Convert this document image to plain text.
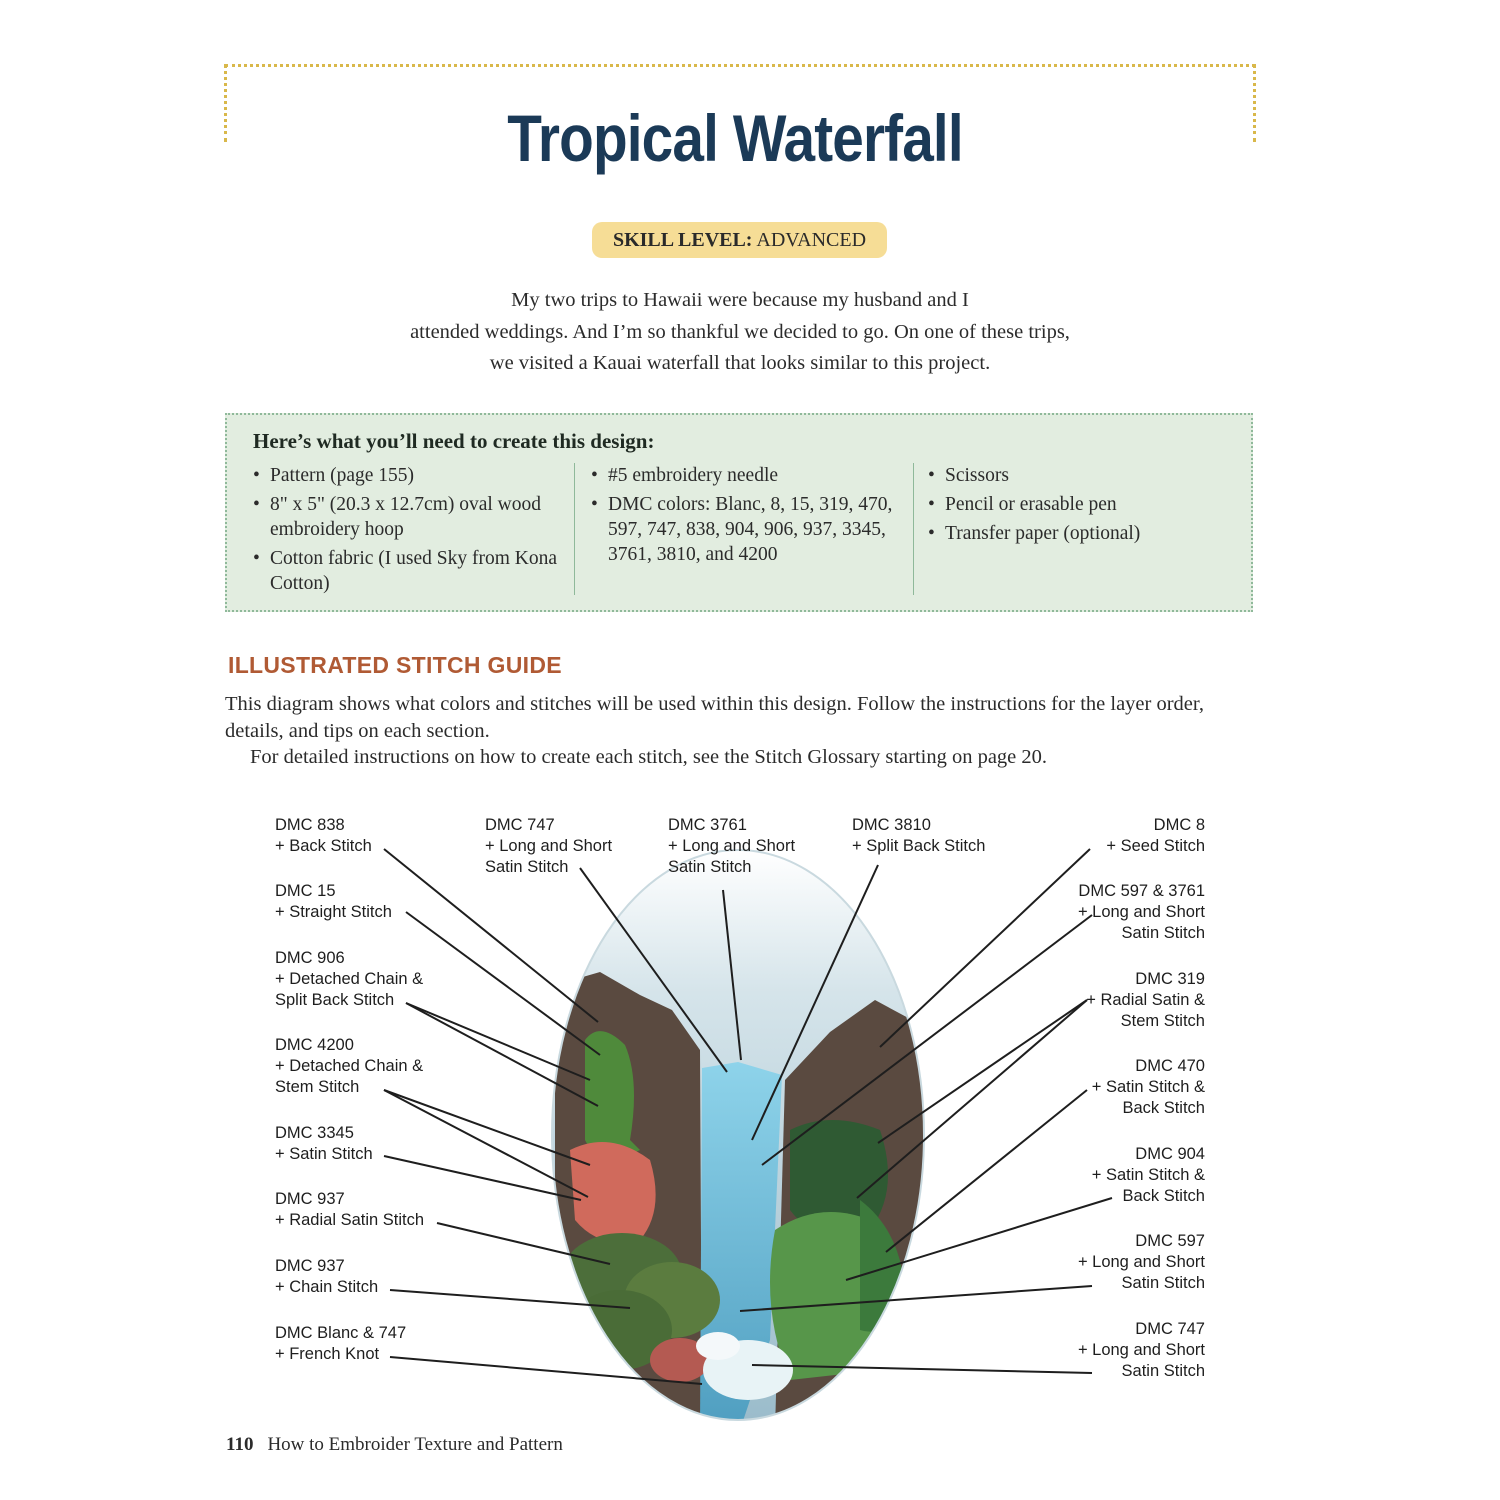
Tropical Waterfall
SKILL LEVEL: ADVANCED
My two trips to Hawaii were because my husband and I
attended weddings. And I’m so thankful we decided to go. On one of these trips,
we visited a Kauai waterfall that looks similar to this project.
Here’s what you’ll need to create this design:
• Pattern (page 155)
• 8" x 5" (20.3 x 12.7cm) oval wood embroidery hoop
• Cotton fabric (I used Sky from Kona Cotton)
• #5 embroidery needle
• DMC colors: Blanc, 8, 15, 319, 470, 597, 747, 838, 904, 906, 937, 3345, 3761, 3810, and 4200
• Scissors
• Pencil or erasable pen
• Transfer paper (optional)
ILLUSTRATED STITCH GUIDE
This diagram shows what colors and stitches will be used within this design. Follow the instructions for the layer order, details, and tips on each section.
For detailed instructions on how to create each stitch, see the Stitch Glossary starting on page 20.
DMC 747
+ Long and Short
Satin Stitch
DMC 3761
+ Long and Short
Satin Stitch
DMC 3810
+ Split Back Stitch
DMC 838
+ Back Stitch
DMC 15
+ Straight Stitch
DMC 906
+ Detached Chain &
Split Back Stitch
DMC 4200
+ Detached Chain &
Stem Stitch
DMC 3345
+ Satin Stitch
DMC 937
+ Radial Satin Stitch
DMC 937
+ Chain Stitch
DMC Blanc & 747
+ French Knot
DMC 8
+ Seed Stitch
DMC 597 & 3761
+ Long and Short
Satin Stitch
DMC 319
+ Radial Satin &
Stem Stitch
DMC 470
+ Satin Stitch &
Back Stitch
DMC 904
+ Satin Stitch &
Back Stitch
DMC 597
+ Long and Short
Satin Stitch
DMC 747
+ Long and Short
Satin Stitch
110 How to Embroider Texture and Pattern
